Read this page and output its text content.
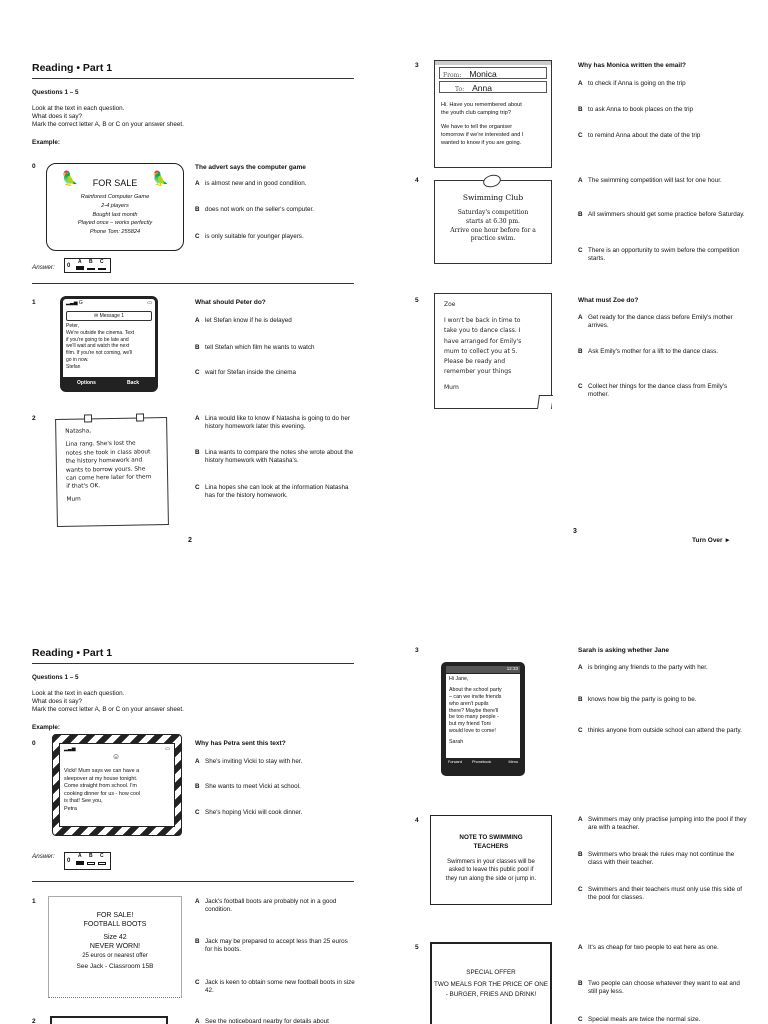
Reading • Part 1
Questions 1 – 5
Look at the text in each question.
What does it say?
Mark the correct letter A, B or C on your answer sheet.
Example:
0
🦜	🦜
FOR SALE
Rainforest Computer Game
2-4 players
Bought last month
Played once – works perfectly
Phone Tom: 255824
The advert says the computer game
A is almost new and in good condition.
B does not work on the seller's computer.
C is only suitable for younger players.
Answer: 0
A B C
1	▂▃▅ G	▭
✉ Message 1
Peter,
We're outside the cinema. Text
if you're going to be late and
we'll wait and watch the next
film. If you're not coming, we'll
go in now.
Stefan
Options	Back
What should Peter do?
A let Stefan know if he is delayed
B tell Stefan which film he wants to watch
C wait for Stefan inside the cinema
2
Natasha,
Lina rang. She's lost the
notes she took in class about
the history homework and
wants to borrow yours. She
can come here later for them
if that's OK.
Mum
A Lina would like to know if Natasha is going to do her history homework later this evening.
B Lina wants to compare the notes she wrote about the history homework with Natasha's.
C Lina hopes she can look at the information Natasha has for the history homework.
2
3
From: Monica
To: Anna
Hi. Have you remembered about
the youth club camping trip?
We have to tell the organiser
tomorrow if we're interested and I
wanted to know if you are going.
Why has Monica written the email?
A to check if Anna is going on the trip
B to ask Anna to book places on the trip
C to remind Anna about the date of the trip
4
Swimming Club
Saturday's competition
starts at 6.30 pm.
Arrive one hour before for a
practice swim.
A The swimming competition will last for one hour.
B All swimmers should get some practice before Saturday.
C There is an opportunity to swim before the competition starts.
5
Zoe
I won't be back in time to
take you to dance class. I
have arranged for Emily's
mum to collect you at 5.
Please be ready and
remember your things
Mum
What must Zoe do?
A Get ready for the dance class before Emily's mother arrives.
B Ask Emily's mother for a lift to the dance class.
C Collect her things for the dance class from Emily's mother.
3
Turn Over ►
Reading • Part 1
Questions 1 – 5
Look at the text in each question.
What does it say?
Mark the correct letter A, B or C on your answer sheet.
Example:
0
▂▃▅	▭
☺
Vicki! Mum says we can have a
sleepover at my house tonight.
Come straight from school. I'm
cooking dinner for us - how cool
is that! See you,
Petra
Why has Petra sent this text?
A She's inviting Vicki to stay with her.
B She wants to meet Vicki at school.
C She's hoping Vicki will cook dinner.
Answer:
0
A B C
1
FOR SALE!
FOOTBALL BOOTS
Size 42
NEVER WORN!
25 euros or nearest offer
See Jack - Classroom 15B
A Jack's football boots are probably not in a good condition.
B Jack may be prepared to accept less than 25 euros for his boots.
C Jack is keen to obtain some new football boots in size 42.
2	A See the noticeboard nearby for details about
3
12:33
Hi Jane,
About the school party
– can we invite friends
who aren't pupils
there? Maybe there'll
be too many people -
but my friend Toni
would love to come!
Sarah
Forward	Phonebook	Menu
Sarah is asking whether Jane
A is bringing any friends to the party with her.
B knows how big the party is going to be.
C thinks anyone from outside school can attend the party.
4
NOTE TO SWIMMING
TEACHERS
Swimmers in your classes will be
asked to leave this public pool if
they run along the side or jump in.
A Swimmers may only practise jumping into the pool if they are with a teacher.
B Swimmers who break the rules may not continue the class with their teacher.
C Swimmers and their teachers must only use this side of the pool for classes.
5
SPECIAL OFFER
TWO MEALS FOR THE PRICE OF ONE
- BURGER, FRIES AND DRINK!
A It's as cheap for two people to eat here as one.
B Two people can choose whatever they want to eat and still pay less.
C Special meals are twice the normal size.
